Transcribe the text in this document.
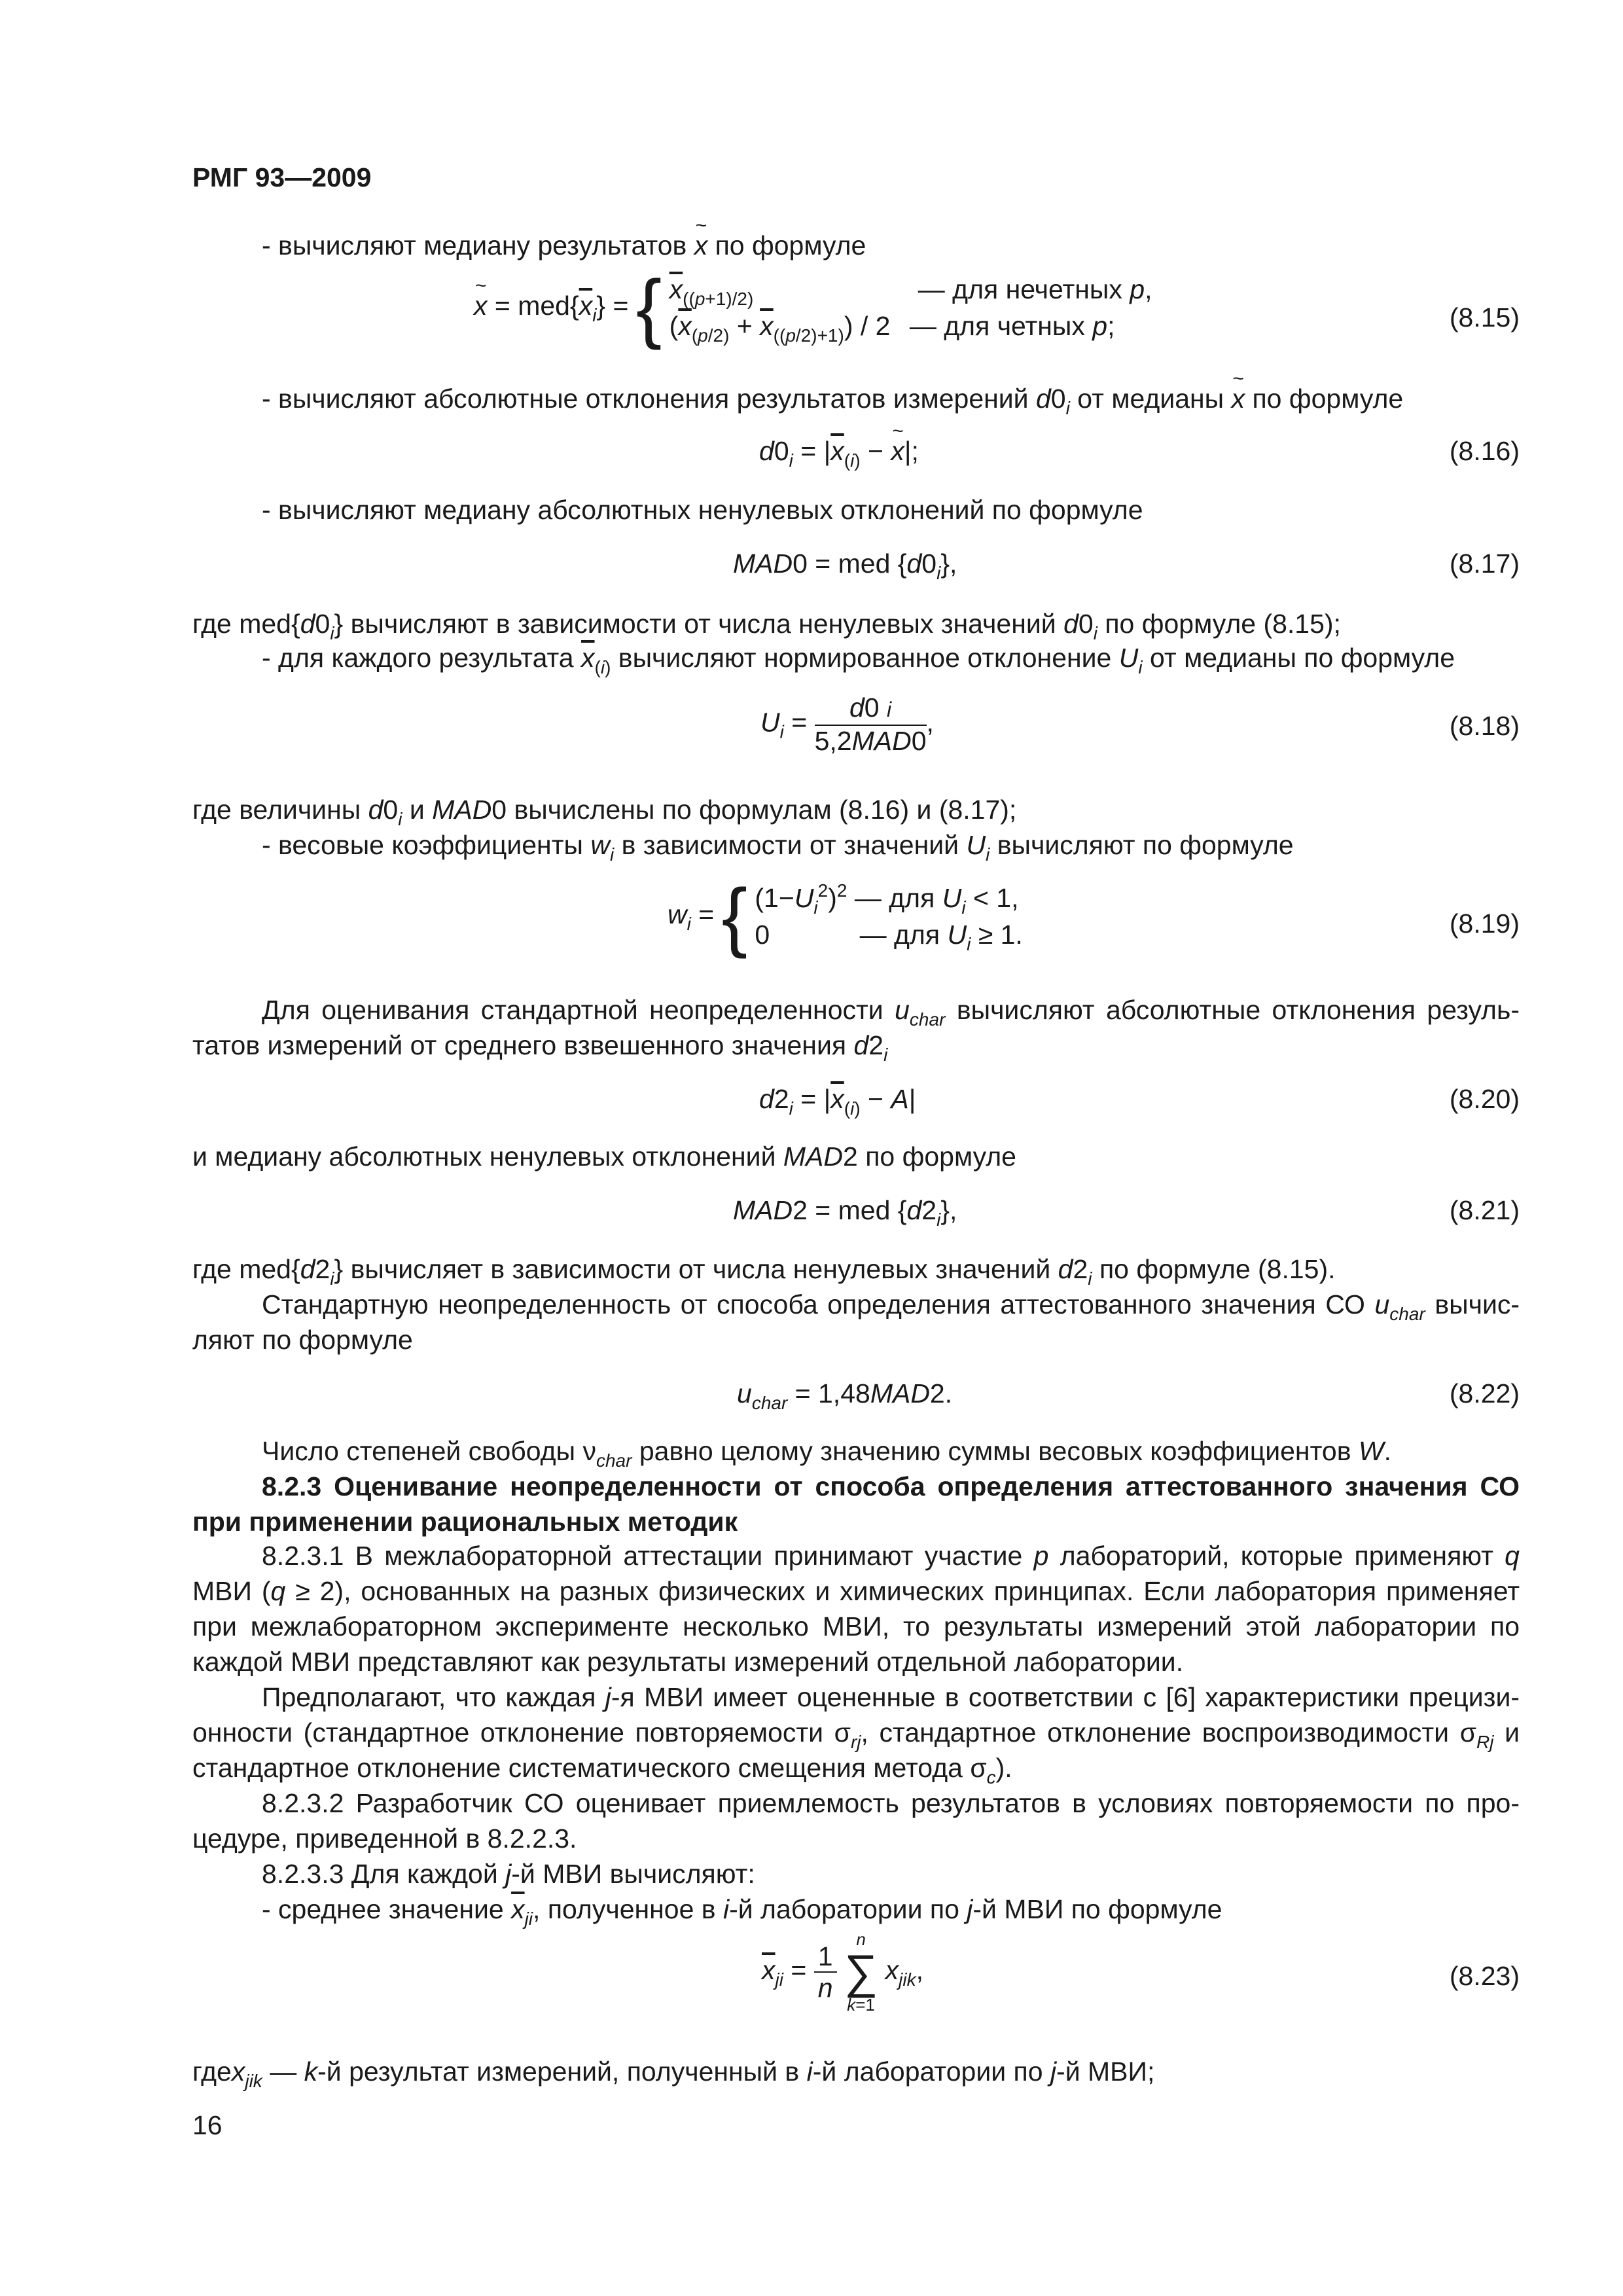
РМГ 93—2009
- вычисляют медиану результатов x ~ по формуле
x ~ = $med\{\overline{x}_i\}$ = { $\overline{x}_{((p+1)/2)}$	— для нечетных p,
$(\overline{x}_{(p/2)} + \overline{x}_{((p/2)+1)}) / 2$ — для четных p;	(8.15)
- вычисляют абсолютные отклонения результатов измерений $d0_i$ от медианы x ~ по формуле
$d0_i = |\overline{x}_{(i)} - x$ ~|;	(8.16)
- вычисляют медиану абсолютных ненулевых отклонений по формуле
MAD0 = med $\{d0_i\}$,	(8.17)
где $med\{d0_i\}$ вычисляют в зависимости от числа ненулевых значений $d0_i$ по формуле (8.15);
- для каждого результата $\overline{x}_{(i)}$ вычисляют нормированное отклонение $U_i$ от медианы по формуле
$U_i = \frac{d0 i}{\text{5,2MAD0}}$ ,	(8.18)
где величины $d0_i$ и MAD0 вычислены по формулам (8.16) и (8.17);
- весовые коэффициенты $w_i$ в зависимости от значений $U_i$ вычисляют по формуле
$w_i$ = { $(1-U_i^2)^2$ — для $U_i < 1$,
0	— для $U_i \ge 1$.	(8.19)
Для оценивания стандартной неопределенности $u_{char}$ вычисляют абсолютные отклонения резуль-
татов измерений от среднего взвешенного значения $d2_i$
$d2_i = |\overline{x}_{(i)} - A|$	(8.20)
и медиану абсолютных ненулевых отклонений MAD2 по формуле
MAD2 = med $\{d2_i\}$,	(8.21)
где $med\{d2_i\}$ вычисляет в зависимости от числа ненулевых значений $d2_i$ по формуле (8.15).
Стандартную неопределенность от способа определения аттестованного значения СО $u_{char}$ вычис-
ляют по формуле
$u_{char} = 1,48MAD2$.	(8.22)
Число степеней свободы $\nu_{char}$ равно целому значению суммы весовых коэффициентов W.
8.2.3 Оценивание неопределенности от способа определения аттестованного значения СО
при применении рациональных методик
8.2.3.1 В межлабораторной аттестации принимают участие p лабораторий, которые применяют q
МВИ (q ≥ 2), основанных на разных физических и химических принципах. Если лаборатория применяет
при межлабораторном эксперименте несколько МВИ, то результаты измерений этой лаборатории по
каждой МВИ представляют как результаты измерений отдельной лаборатории.
Предполагают, что каждая j-я МВИ имеет оцененные в соответствии с [6] характеристики прецизи-
онности (стандартное отклонение повторяемости $\sigma_{rj}$, стандартное отклонение воспроизводимости $\sigma_{Rj}$ и
стандартное отклонение систематического смещения метода $\sigma_c$).
8.2.3.2 Разработчик СО оценивает приемлемость результатов в условиях повторяемости по про-
цедуре, приведенной в 8.2.2.3.
8.2.3.3 Для каждой j-й МВИ вычисляют:
- среднее значение $\overline{x}_{ji}$, полученное в i-й лаборатории по j-й МВИ по формуле
$\overline{x}_{ji} = \frac{1}{n}$

n
∑
k=1
$x_{jik}$,	(8.23)
гдеx$_{jik}$ — k-й результат измерений, полученный в i-й лаборатории по j-й МВИ;
16
